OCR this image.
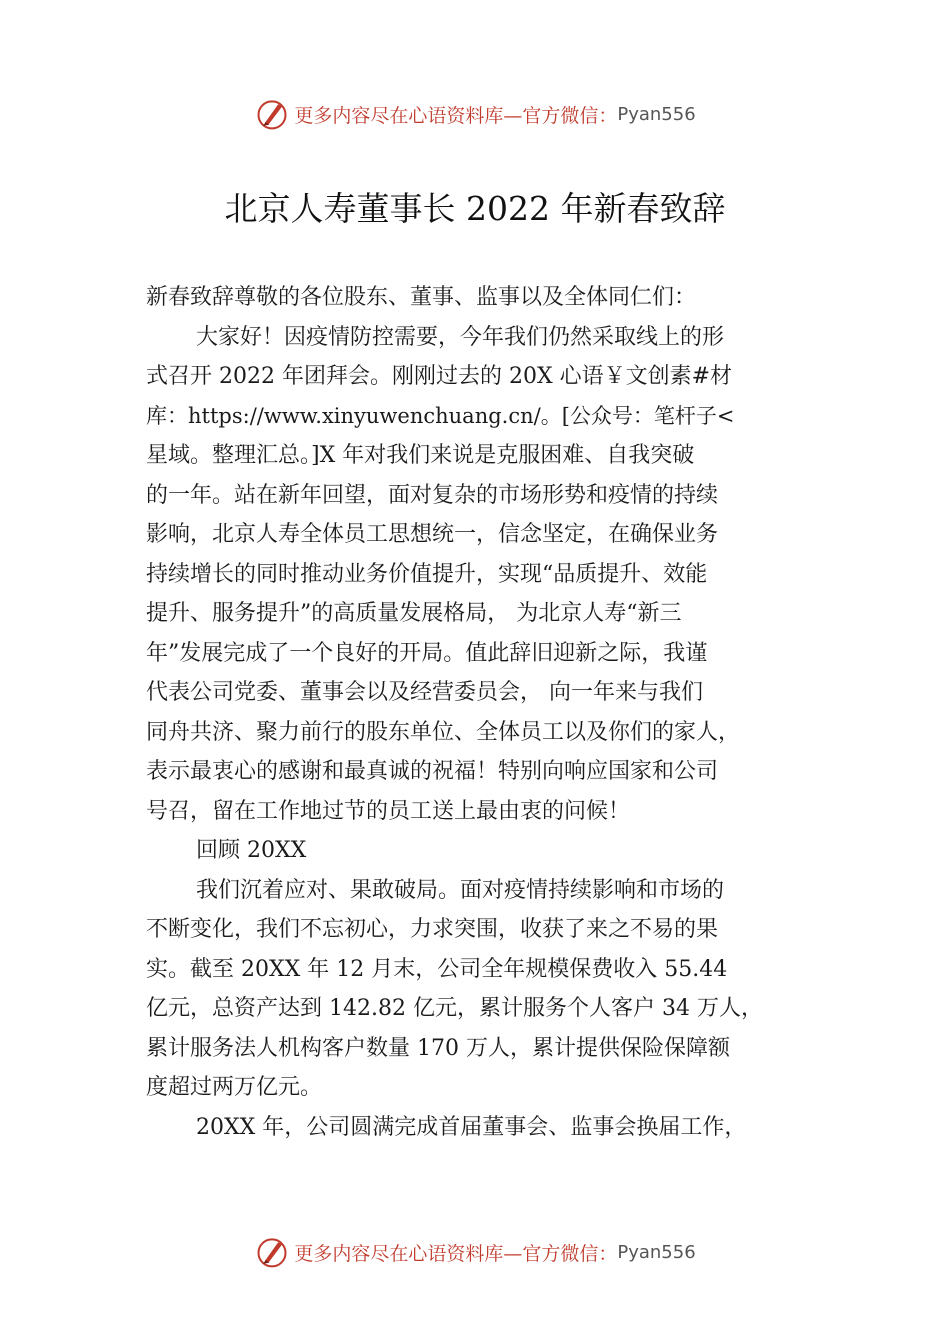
更多内容尽在心语资料库—官方微信： Pyan556
北京人寿董事长 2022 年新春致辞
新春致辞尊敬的各位股东、董事、监事以及全体同仁们：
大家好！因疫情防控需要，今年我们仍然采取线上的形
式召开 2022 年团拜会。刚刚过去的 20X 心语￥文创素#材
库：https://www.xinyuwenchuang.cn/。[公众号：笔杆子<
星域。整理汇总。]X 年对我们来说是克服困难、自我突破
的一年。站在新年回望，面对复杂的市场形势和疫情的持续
影响，北京人寿全体员工思想统一，信念坚定，在确保业务
持续增长的同时推动业务价值提升，实现“品质提升、效能
提升、服务提升”的高质量发展格局， 为北京人寿“新三
年”发展完成了一个良好的开局。值此辞旧迎新之际，我谨
代表公司党委、董事会以及经营委员会， 向一年来与我们
同舟共济、聚力前行的股东单位、全体员工以及你们的家人，
表示最衷心的感谢和最真诚的祝福！特别向响应国家和公司
号召，留在工作地过节的员工送上最由衷的问候！
回顾 20XX
我们沉着应对、果敢破局。面对疫情持续影响和市场的
不断变化，我们不忘初心，力求突围，收获了来之不易的果
实。截至 20XX 年 12 月末，公司全年规模保费收入 55.44
亿元，总资产达到 142.82 亿元，累计服务个人客户 34 万人，
累计服务法人机构客户数量 170 万人，累计提供保险保障额
度超过两万亿元。
20XX 年，公司圆满完成首届董事会、监事会换届工作，
更多内容尽在心语资料库—官方微信： Pyan556
